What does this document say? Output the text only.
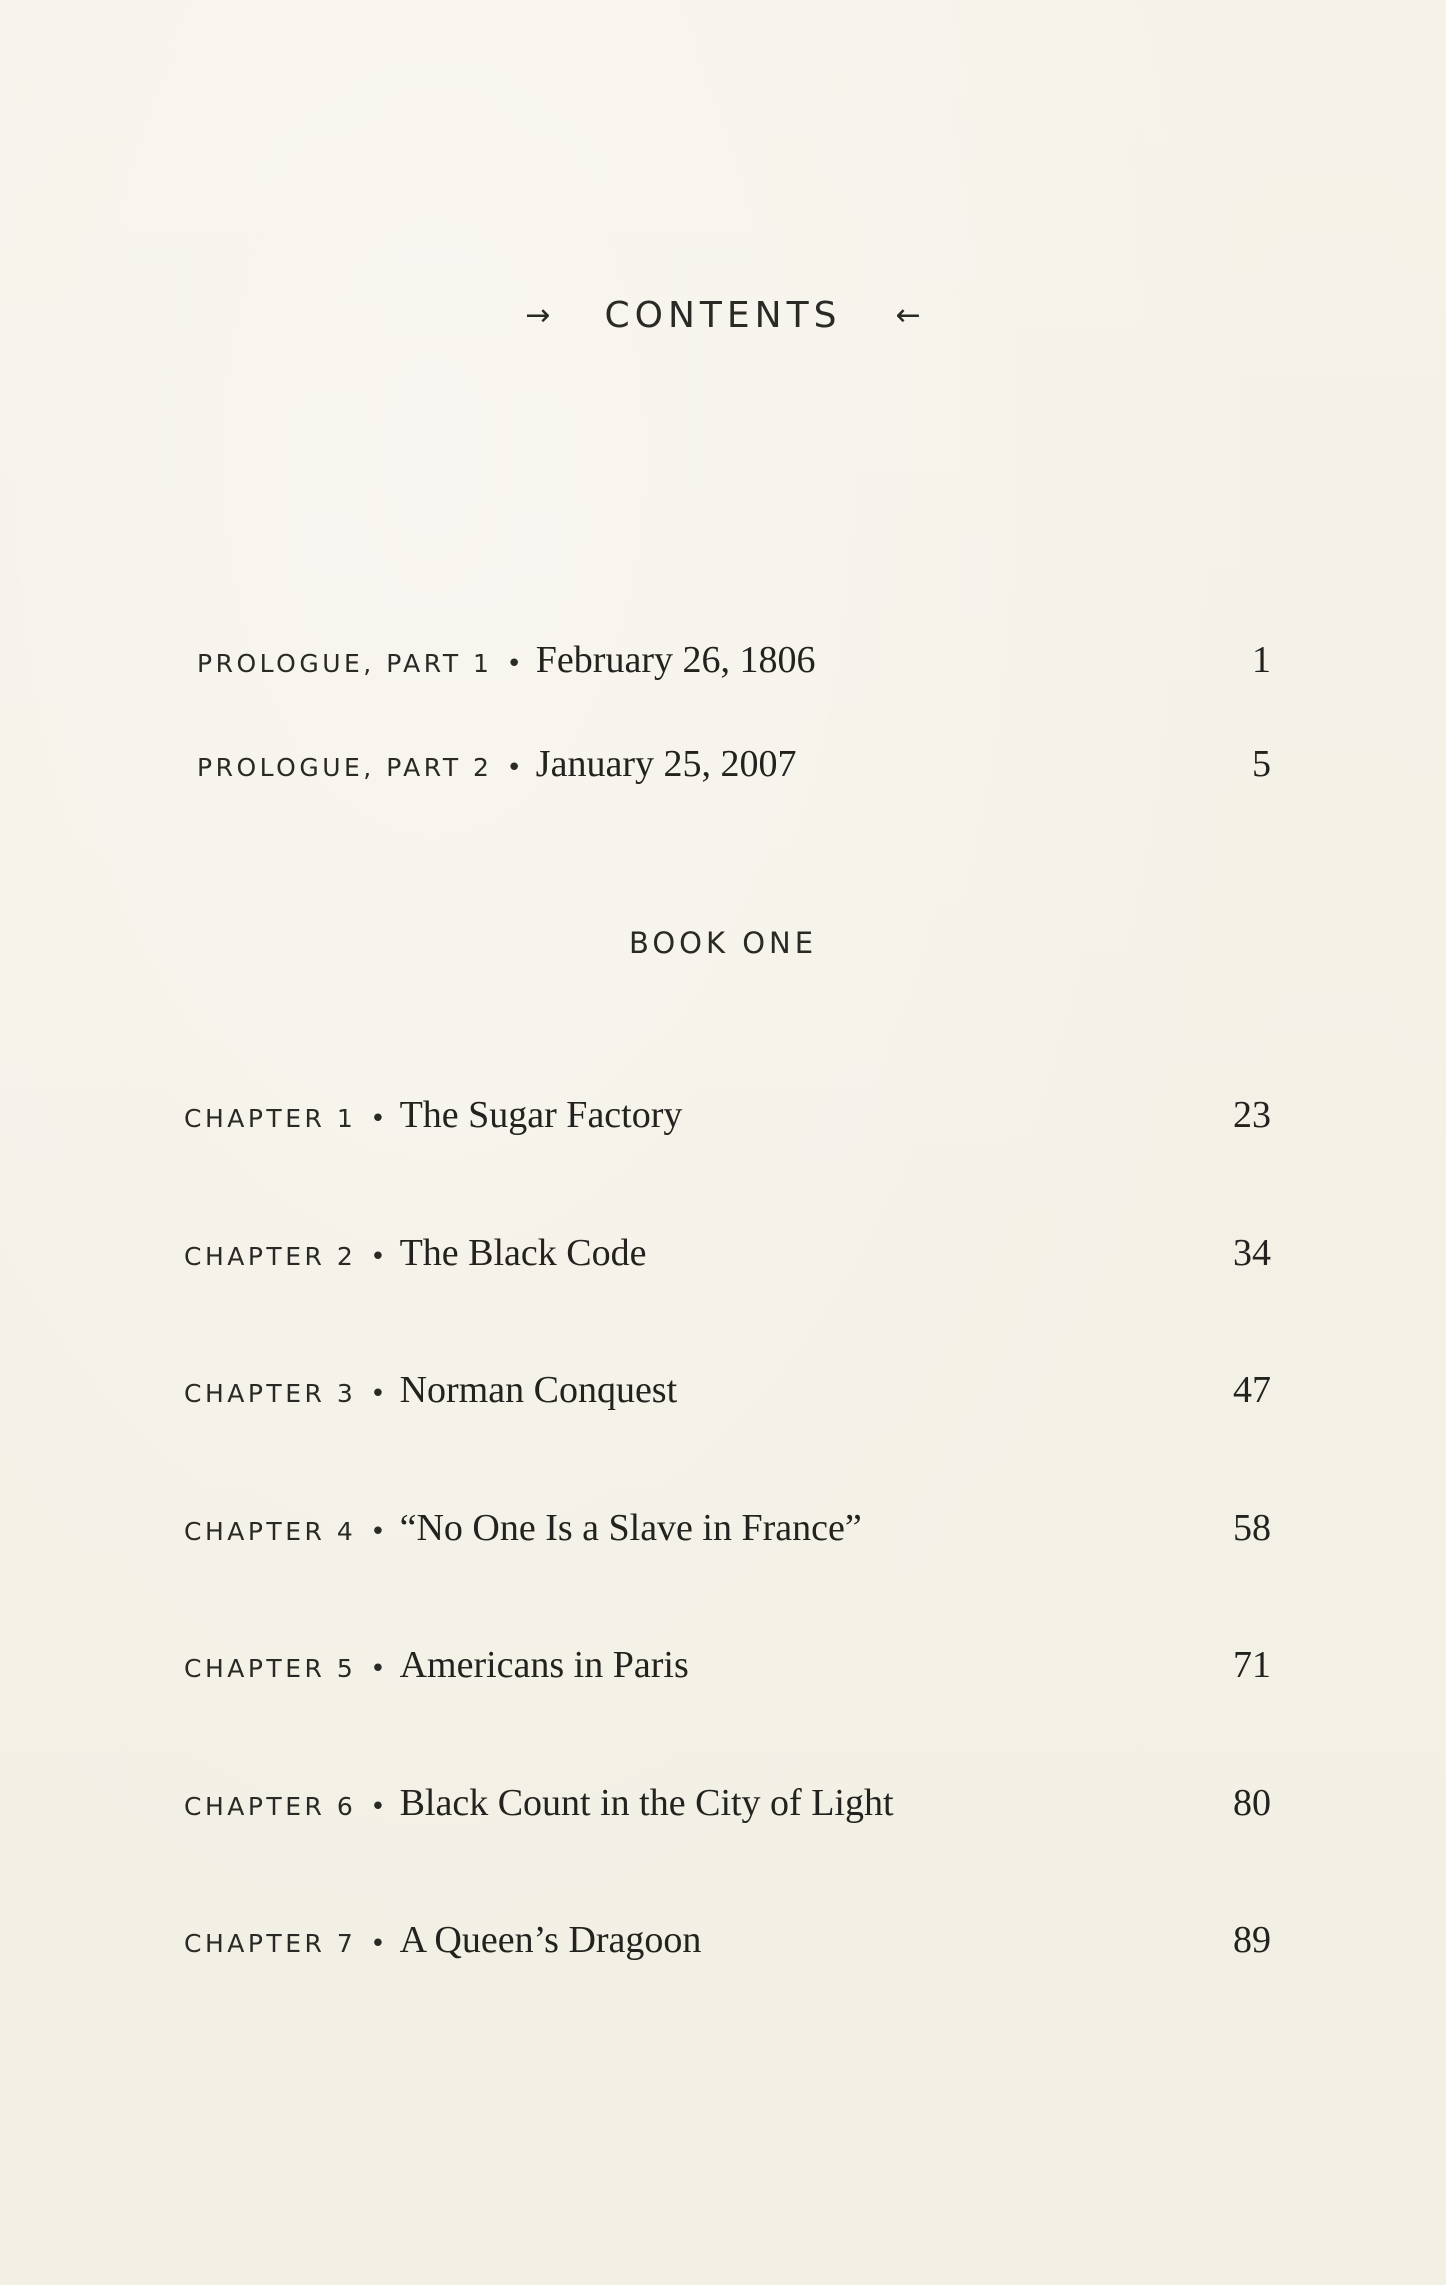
→ CONTENTS ←
PROLOGUE, PART 1 • February 26, 1806	1
PROLOGUE, PART 2 • January 25, 2007	5
BOOK ONE
CHAPTER 1 • The Sugar Factory	23
CHAPTER 2 • The Black Code	34
CHAPTER 3 • Norman Conquest	47
CHAPTER 4 • “No One Is a Slave in France”	58
CHAPTER 5 • Americans in Paris	71
CHAPTER 6 • Black Count in the City of Light	80
CHAPTER 7 • A Queen’s Dragoon	89
